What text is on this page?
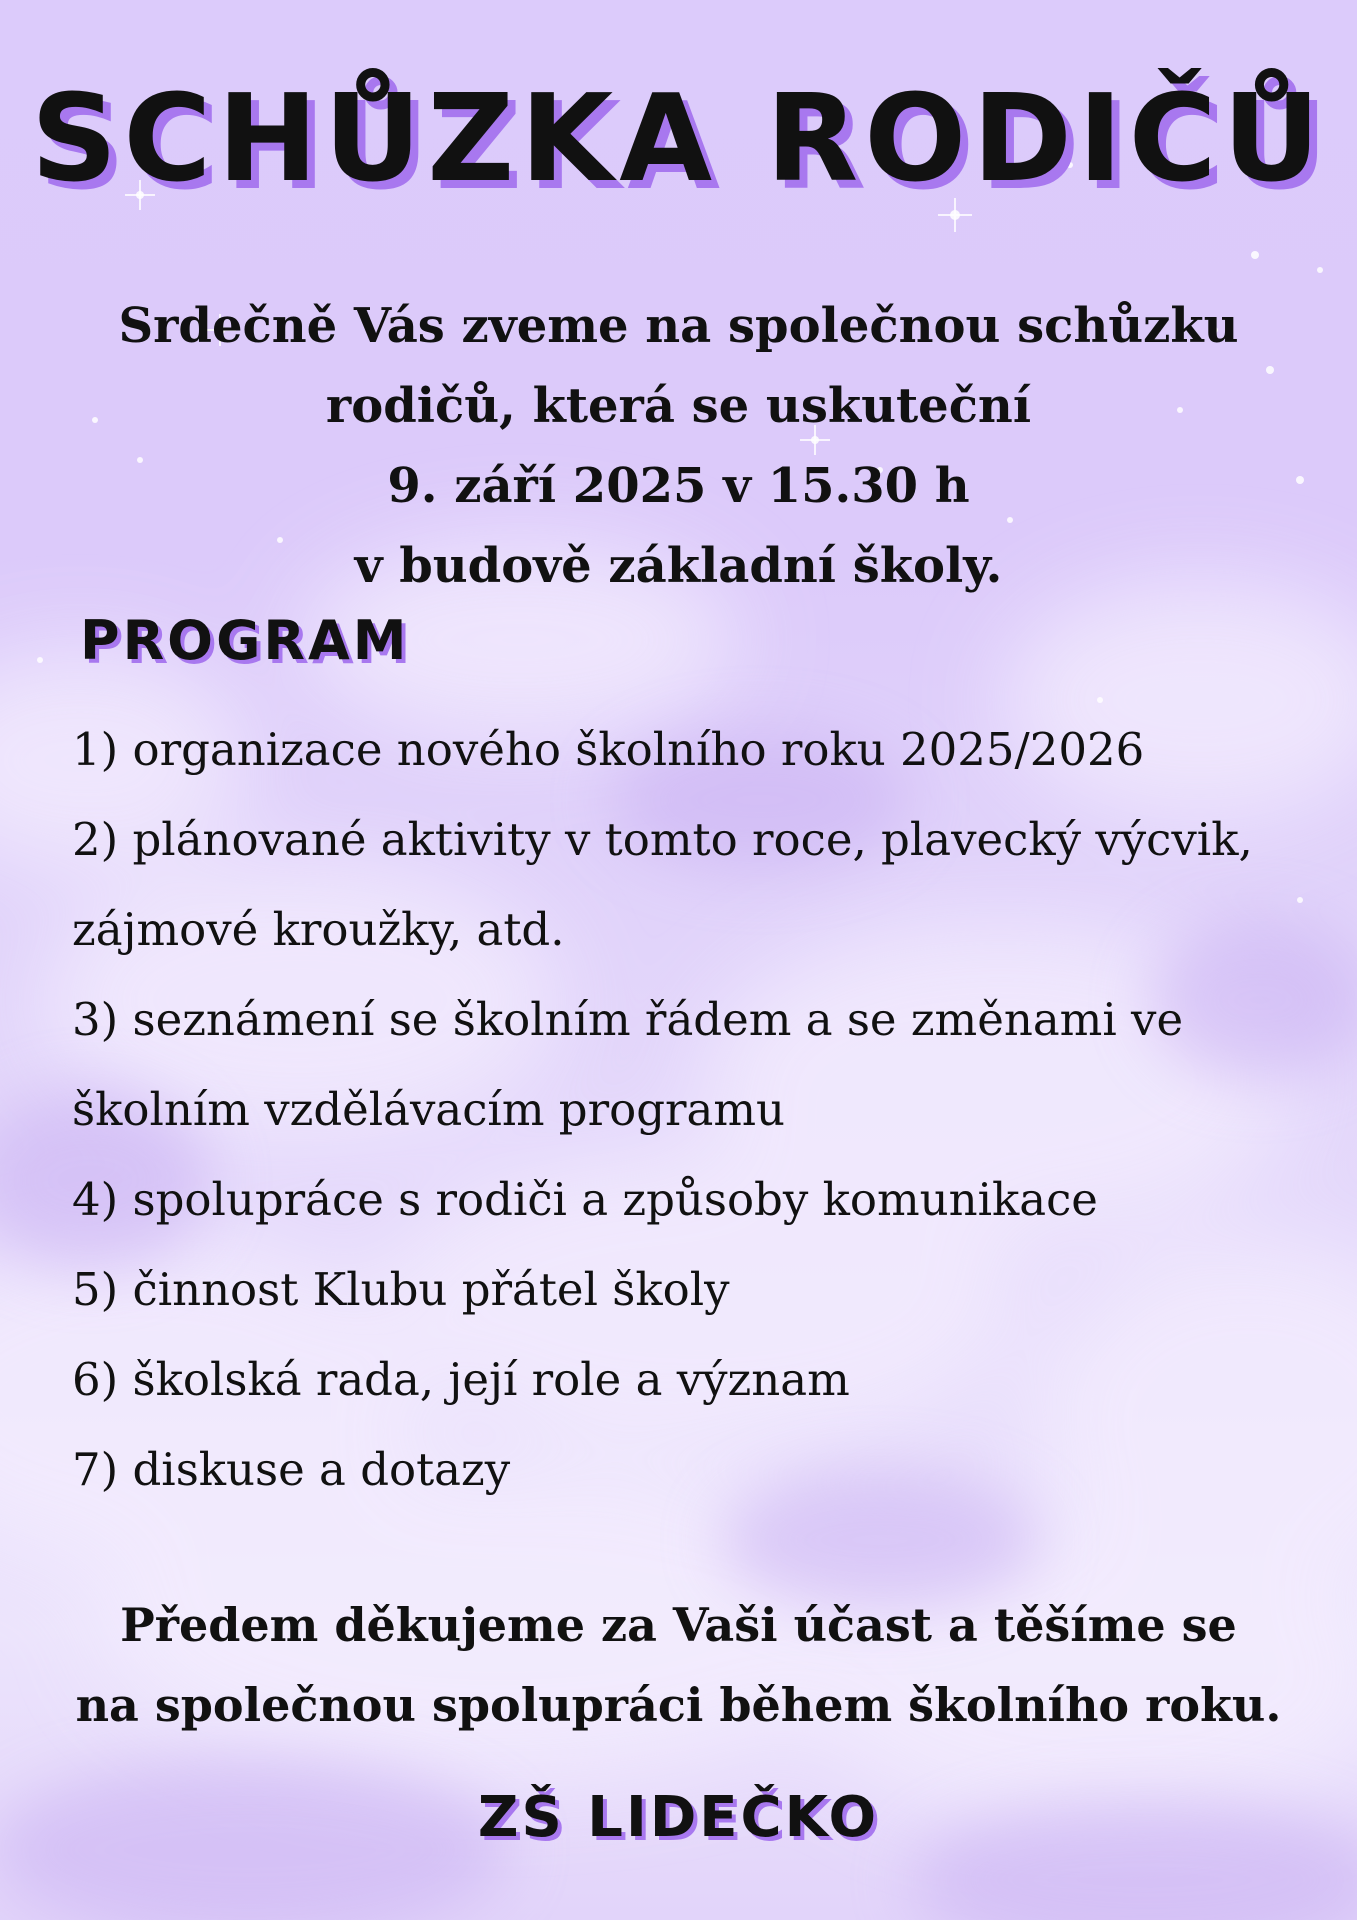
SCHŮZKA RODIČŮ
Srdečně Vás zveme na společnou schůzku
rodičů, která se uskuteční
9. září 2025 v 15.30 h
v budově základní školy.
PROGRAM
1) organizace nového školního roku 2025/2026
2) plánované aktivity v tomto roce, plavecký výcvik,
zájmové kroužky, atd.
3) seznámení se školním řádem a se změnami ve
školním vzdělávacím programu
4) spolupráce s rodiči a způsoby komunikace
5) činnost Klubu přátel školy
6) školská rada, její role a význam
7) diskuse a dotazy
Předem děkujeme za Vaši účast a těšíme se
na společnou spolupráci během školního roku.
ZŠ LIDEČKO
